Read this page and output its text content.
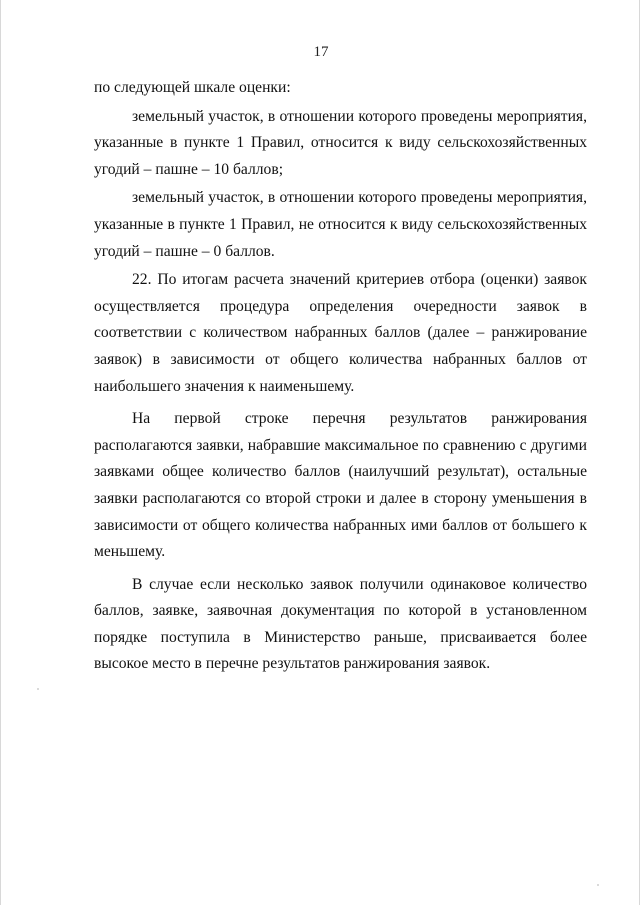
17

по следующей шкале оценки:

земельный участок, в отношении которого проведены мероприятия, указанные в пункте 1 Правил, относится к виду сельскохозяйственных угодий – пашне – 10 баллов;

земельный участок, в отношении которого проведены мероприятия, указанные в пункте 1 Правил, не относится к виду сельскохозяйственных угодий – пашне – 0 баллов.

22. По итогам расчета значений критериев отбора (оценки) заявок осуществляется процедура определения очередности заявок в соответствии с количеством набранных баллов (далее – ранжирование заявок) в зависимости от общего количества набранных баллов от наибольшего значения к наименьшему.

На первой строке перечня результатов ранжирования располагаются заявки, набравшие максимальное по сравнению с другими заявками общее количество баллов (наилучший результат), остальные заявки располагаются со второй строки и далее в сторону уменьшения в зависимости от общего количества набранных ими баллов от большего к меньшему.

В случае если несколько заявок получили одинаковое количество баллов, заявке, заявочная документация по которой в установленном порядке поступила в Министерство раньше, присваивается более высокое место в перечне результатов ранжирования заявок.
